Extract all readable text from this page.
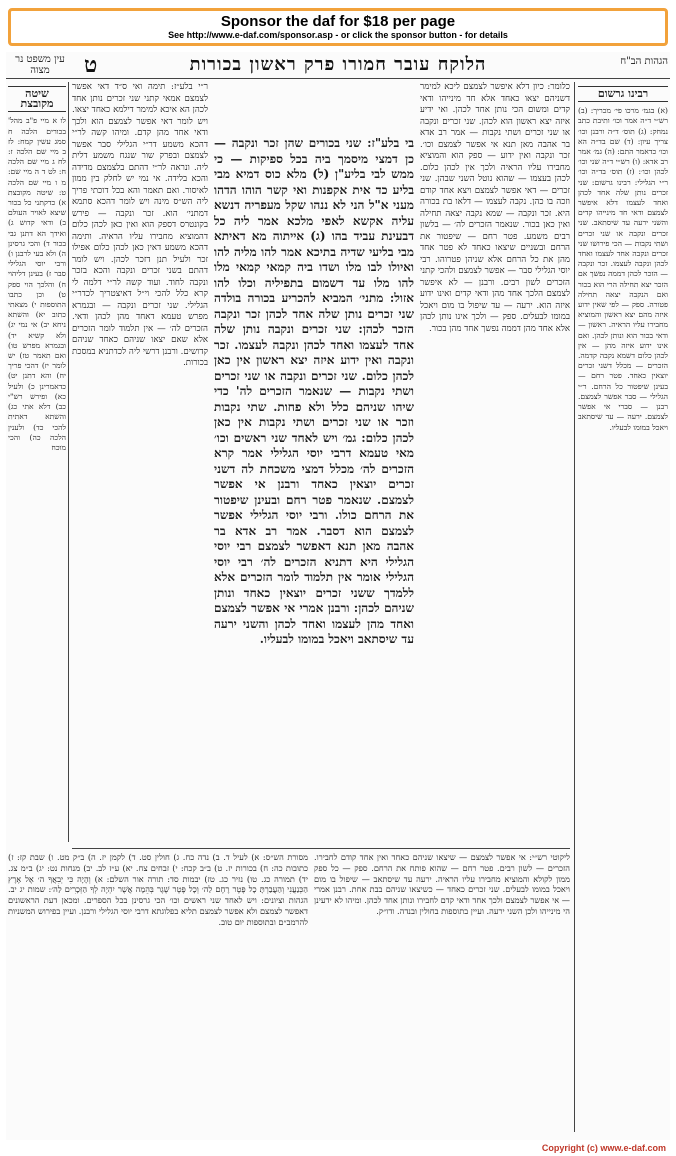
Sponsor the daf for $18 per page
See http://www.e-daf.com/sponsor.asp - or click the sponsor button - for details
עין משפט נר מצוה	ט	הלוקח עובר חמורו פרק ראשון בכורות	הגהות הב"ח
שיטה מקובצת

לו א מיי פ"ב מהל' בכורים הלכה ח סמג עשין קמח: לז ב מיי שם הלכה ז: לח ג מיי שם הלכה ח: לט ד ה מיי שם: מ ו מיי שם הלכה ט: שיטה מקובצת א) כדקתני כל בכור שיצא לאויר העולם ב) ודאי קדוש ג) ואידך הא דתנן גבי בכור ד) והכי גרסינן ה) ולא בעי לרבנן ו) ורבי יוסי הגלילי סבר ז) בעינן דליהוי ח) והלכך הוי ספק ט) וכן כתבו התוספות י) מצאתי כתוב יא) והשתא ניחא יב) אי נמי יג) ולא קשיא יד) ובגמרא מפרש טו) ואם תאמר טז) יש לומר יז) דהכי פריך יח) והא דתנן יט) כדאמרינן כ) ולעיל כא) ופירש רש"י כב) דלא אתי כג) והשתא דאתית להכי כד) ולענין הלכה כה) והכי מוכח

ר״י בלע״ז: תימה ואי ס״ד דאי אפשר לצמצם אמאי קתני שני זכרים נותן אחד לכהן הא איכא למימר דילמא כאחד יצאו. ויש לומר דאי אפשר לצמצם הוא ולכך ודאי אחד מהן קדם. ומיהו קשה לר״י דהכא משמע דר״י הגלילי סבר אפשר לצמצם ובפרק שור שנגח משמע דלית ליה. ונראה לר״י דהתם בלצמצם מדידה והכא בלידה. אי נמי יש לחלק בין ממון לאיסור. ואם תאמר והא בכל דוכתי פריך ליה הש״ס מינה ויש לומר דהכא סתמא דמתני׳ הוא. זכר ונקבה — פירש בקונטרס דספק הוא ואין כאן לכהן כלום דהמוציא מחבירו עליו הראיה. ותימה דהכא משמע דאין כאן לכהן כלום אפילו זכר ולעיל תנן דזכר לכהן. ויש לומר דהתם בשני זכרים ונקבה והכא בזכר ונקבה לחוד. ועוד קשה לר״י דלמה לי קרא כלל להכי וי״ל דאיצטריך לכדר״י הגלילי. שני זכרים ונקבה — ובגמרא מפרש טעמא דאחד מהן לכהן ודאי. הזכרים לה׳ — אין תלמוד לומר הזכרים אלא שאם יצאו שניהם כאחד שניהם קדושים. ורבנן דרשי ליה לכדתניא במסכת בכורות.

בי בלע"ז: שני בכורים שהן זכר ונקבה — כן דמצי מיסמך ביה בכל ספיקות — כי ממש לבי בליע"ן (ל) מלא כוס דמיא מבי בליע כד אית אקפנות ואי קשר הוהו הדהו מעני א"ל הני לא ננהו שקל מעפריה דנשא עליה אקשא לאפי מלכא אמר ליה כל דבעינת עביד בהו (ג) אייתוה מא דאיתא מבי בליעי שדיה בתיכא אמר להו מליה להו ואיולו לבו מלו ושדו ביה קמאי קמאי מלו להו מלו עד דשמום בתפיליה וכלו להו אזול: מתני׳ המביא להכריע בכורה בולדה שני זכרים נותן שלה אחד לכהן זכר ונקבה הזכר לכהן: שני זכרים ונקבה נותן שלה אחד לעצמו ואחד לכהן ונקבה לעצמו. זכר ונקבה ואין ידוע איזה יצא ראשון אין כאן לכהן כלום. שני זכרים ונקבה או שני זכרים ושתי נקבות — שנאמר הזכרים לה' כדי שיהו שניהם כלל ולא פחות. שתי נקבות וזכר או שני זכרים ושתי נקבות אין כאן לכהן כלום: גמ׳ ויש לאחד שני ראשים וכו׳ מאי טעמא דרבי יוסי הגלילי אמר קרא הזכרים לה׳ מכלל דמצי משכחת לה דשני זכרים יוצאין כאחד ורבנן אי אפשר לצמצם. שנאמר פטר רחם ובעינן שיפטור את הרחם כולו. ורבי יוסי הגלילי אפשר לצמצם הוא דסבר. אמר רב אדא בר אהבה מאן תנא דאפשר לצמצם רבי יוסי הגלילי היא דתניא הזכרים לה׳ רבי יוסי הגלילי אומר אין תלמוד לומר הזכרים אלא ללמדך ששני זכרים יוצאין כאחד ונותן שניהם לכהן: ורבנן אמרי אי אפשר לצמצם ואחד מהן לעצמו ואחד לכהן והשני ירעה עד שיסתאב ויאכל במומו לבעליו.

כלומר: כיון דלא איפשר לצמצם ליכא למימר דשניהם יצאו כאחד אלא חד מינייהו ודאי קדים ומשום הכי נותן אחד לכהן. ואי ידיע איזה יצא ראשון הוא לכהן. שני זכרים ונקבה או שני זכרים ושתי נקבות — אמר רב אדא בר אהבה מאן תנא אי אפשר לצמצם וכו׳. זכר ונקבה ואין ידוע — ספק הוא והמוציא מחבירו עליו הראיה ולכך אין לכהן כלום. לכהן בעצמו — שהוא נוטל השני שבהן. שני זכרים — דאי אפשר לצמצם ויצא אחד קודם וזכה בו כהן. נקבה לעצמו — דלאו בת בכורה היא. זכר ונקבה — שמא נקבה יצאה תחילה ואין כאן בכור. שנאמר הזכרים לה׳ — בלשון רבים משמע. פטר רחם — שיפטור את הרחם ובשניים שיצאו כאחד לא פטר אחד מהן את כל הרחם אלא שניהן פטרוהו. רבי יוסי הגלילי סבר — אפשר לצמצם ולהכי קתני הזכרים לשון רבים. ורבנן — לא איפשר לצמצם הלכך אחד מהן ודאי קדים ואינו ידוע איזה הוא. ירעה — עד שיפול בו מום ויאכל במומו לבעלים. ספק — ולכך אינו נותן לכהן אלא אחד מהן דממה נפשך אחד מהן בכור.

רבינו גרשום

(א) בגמ׳ מרכו פי׳ מכריך: (ב) רש״י ד״ה אמר וכו׳ ותיבת כתב נמחק: (ג) תוס׳ ד״ה ורבנן וכו׳ צריך עיון: (ד) שם בד״ה הא וכו׳ כדאמר התם: (ה) גמ׳ אמר רב אדא: (ו) רש״י ד״ה שני וכו׳ לכהן וכו׳: (ז) תוס׳ בד״ה וכו׳ ר״י הגלילי: רבינו גרשום: שני זכרים נותן שלה אחד לכהן ואחד לעצמו דלא איפשר לצמצם ודאי חד מינייהו קדים והשני ירעה עד שיסתאב. שני זכרים ונקבה או שני זכרים ושתי נקבות — הכי פירושו שני זכרים ונקבה אחד לעצמו ואחד לכהן ונקבה לעצמו. זכר ונקבה — הזכר לכהן דממה נפשך אם הזכר יצא תחילה הרי הוא בכור ואם הנקבה יצאה תחילה פטורה. ספק — לפי שאין ידוע איזה מהם יצא ראשון והמוציא מחבירו עליו הראיה. ראשון — ודאי בכור הוא ונותן לכהן. ואם אינו ידוע איזה מהן — אין לכהן כלום דשמא נקבה קדמה. הזכרים — מכלל דשני זכרים יוצאין כאחד. פטר רחם — בעינן שיפטור כל הרחם. ר״י הגלילי — סבר אפשר לצמצם. רבנן — סברי אי אפשר לצמצם. ירעה — עד שיסתאב ויאכל במומו לבעליו.

מסורת הש״ס: א) לעיל ד. ב) נדה כח. ג) חולין סט. ד) לקמן יז. ה) ב״ק מט. ו) שבת קז: ז) כתובות כה: ח) בכורות יז. ט) ב״ב קכח: י) זבחים צח. יא) ע״ז לב. יב) מנחות נט: יג) ב״מ צג. יד) תמורה כג. טו) נזיר כג. טז) יבמות סד: תורה אור השלם: א) וְהָיָה כִּי יְבִאֲךָ ה׳ אֶל אֶרֶץ הַכְּנַעֲנִי וְהַעֲבַרְתָּ כָל פֶּטֶר רֶחֶם לַה׳ וְכָל פֶּטֶר שֶׁגֶר בְּהֵמָה אֲשֶׁר יִהְיֶה לְךָ הַזְּכָרִים לַה׳: שמות יג יב. הגהות וציונים: ויש לאחד שני ראשים וכו׳ הכי גרסינן בכל הספרים. ומכאן דעת הראשונים דאפשר לצמצם ולא אפשר לצמצם תליא בפלוגתא דרבי יוסי הגלילי ורבנן. ועיין בפירוש המשניות להרמב״ם ובתוספות יום טוב.

ליקוטי רש״י: אי אפשר לצמצם — שיצאו שניהם כאחד ואין אחד קודם לחבירו. הזכרים — לשון רבים. פטר רחם — שהוא פותח את הרחם. ספק — כל ספק ממון לקולא והמוציא מחבירו עליו הראיה. ירעה עד שיסתאב — שיפול בו מום ויאכל במומו לבעלים. שני זכרים כאחד — כשיצאו שניהם בבת אחת. רבנן אמרי — אי אפשר לצמצם ולכך אחד ודאי קדם לחבירו ונותן אחד לכהן. ומיהו לא ידעינן הי מינייהו ולכן השני ירעה. ועיין בתוספות בחולין ובנדה. ודו״ק.

Copyright (c) www.e-daf.com
